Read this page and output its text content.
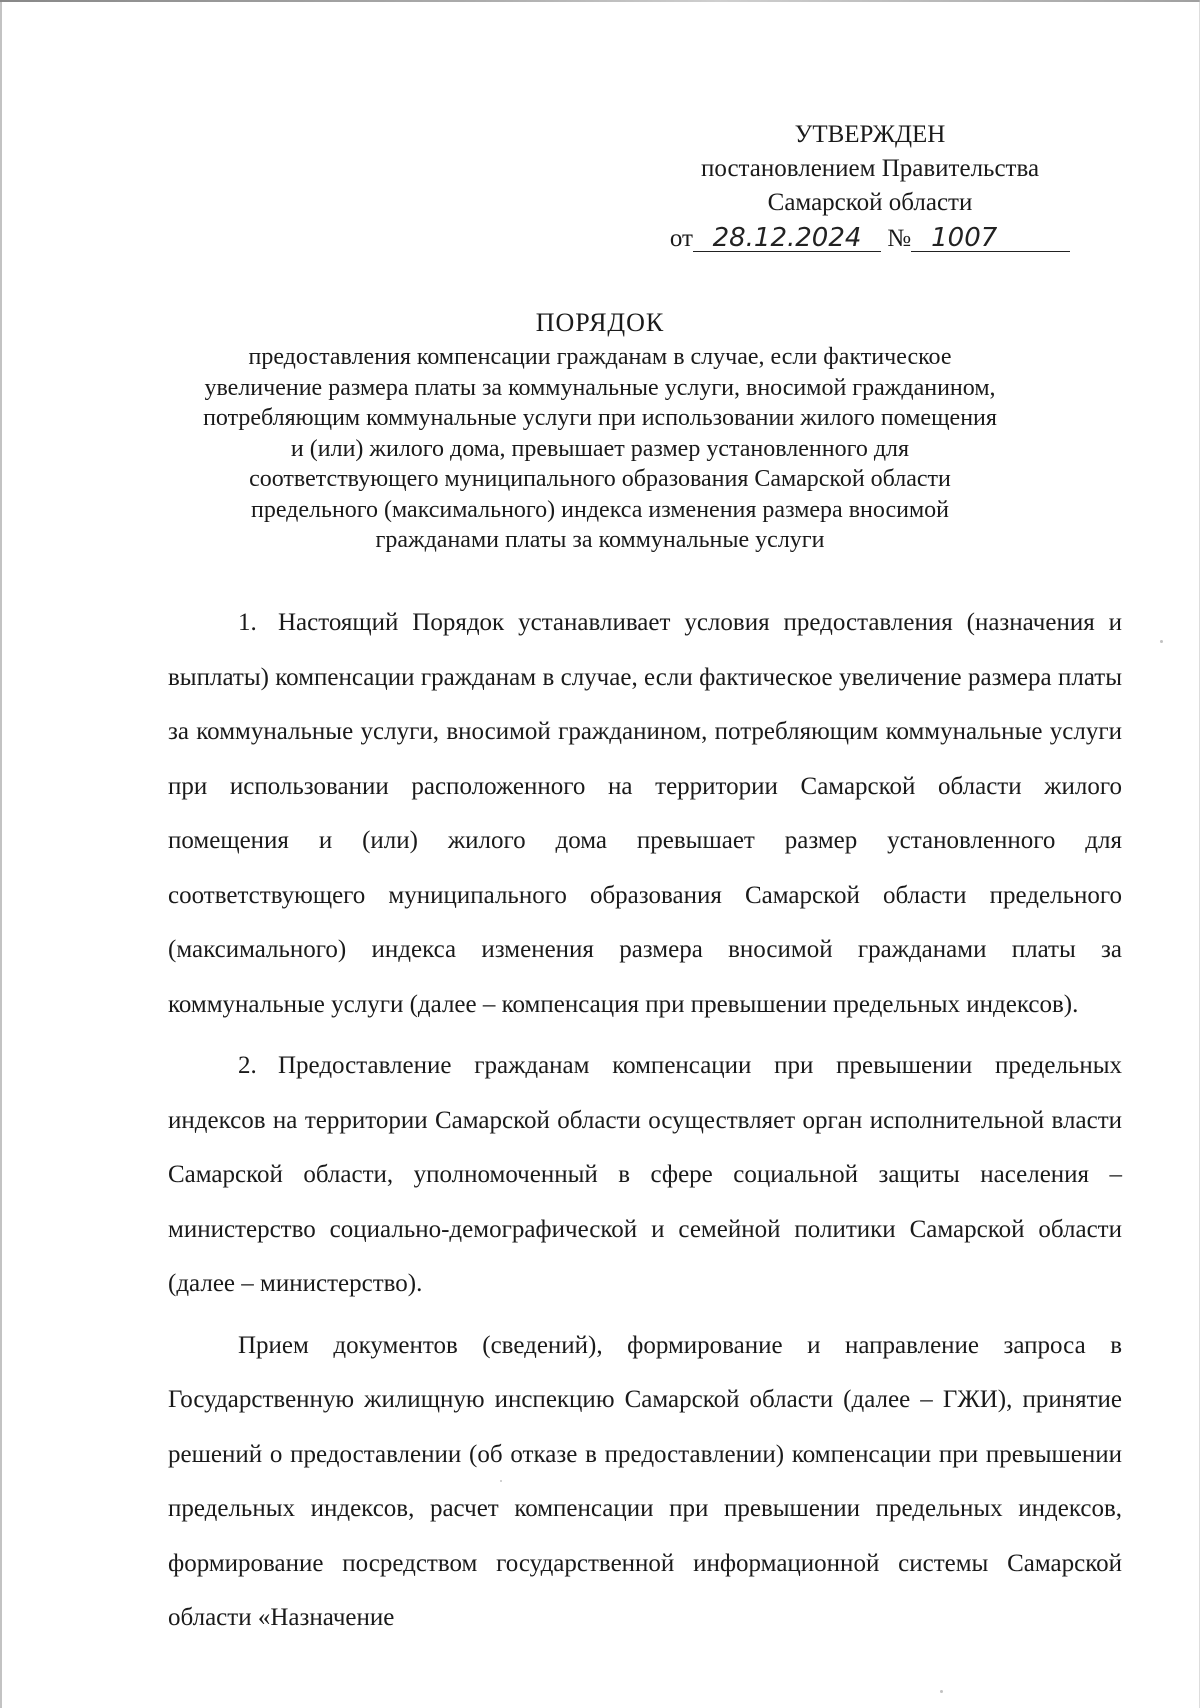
УТВЕРЖДЕН
постановлением Правительства
Самарской области
от 28.12.2024 № 1007
ПОРЯДОК
предоставления компенсации гражданам в случае, если фактическое
увеличение размера платы за коммунальные услуги, вносимой гражданином,
потребляющим коммунальные услуги при использовании жилого помещения
и (или) жилого дома, превышает размер установленного для
соответствующего муниципального образования Самарской области
предельного (максимального) индекса изменения размера вносимой
гражданами платы за коммунальные услуги

1. Настоящий Порядок устанавливает условия предоставления (назначения и выплаты) компенсации гражданам в случае, если фактическое увеличение размера платы за коммунальные услуги, вносимой гражданином, потребляющим коммунальные услуги при использовании расположенного на территории Самарской области жилого помещения и (или) жилого дома превышает размер установленного для соответствующего муниципального образования Самарской области предельного (максимального) индекса изменения размера вносимой гражданами платы за коммунальные услуги (далее – компенсация при превышении предельных индексов).

2. Предоставление гражданам компенсации при превышении предельных индексов на территории Самарской области осуществляет орган исполнительной власти Самарской области, уполномоченный в сфере социальной защиты населения – министерство социально-демографической и семейной политики Самарской области (далее – министерство).

Прием документов (сведений), формирование и направление запроса в Государственную жилищную инспекцию Самарской области (далее – ГЖИ), принятие решений о предоставлении (об отказе в предоставлении) компенсации при превышении предельных индексов, расчет компенсации при превышении предельных индексов, формирование посредством государственной информационной системы Самарской области «Назначение
